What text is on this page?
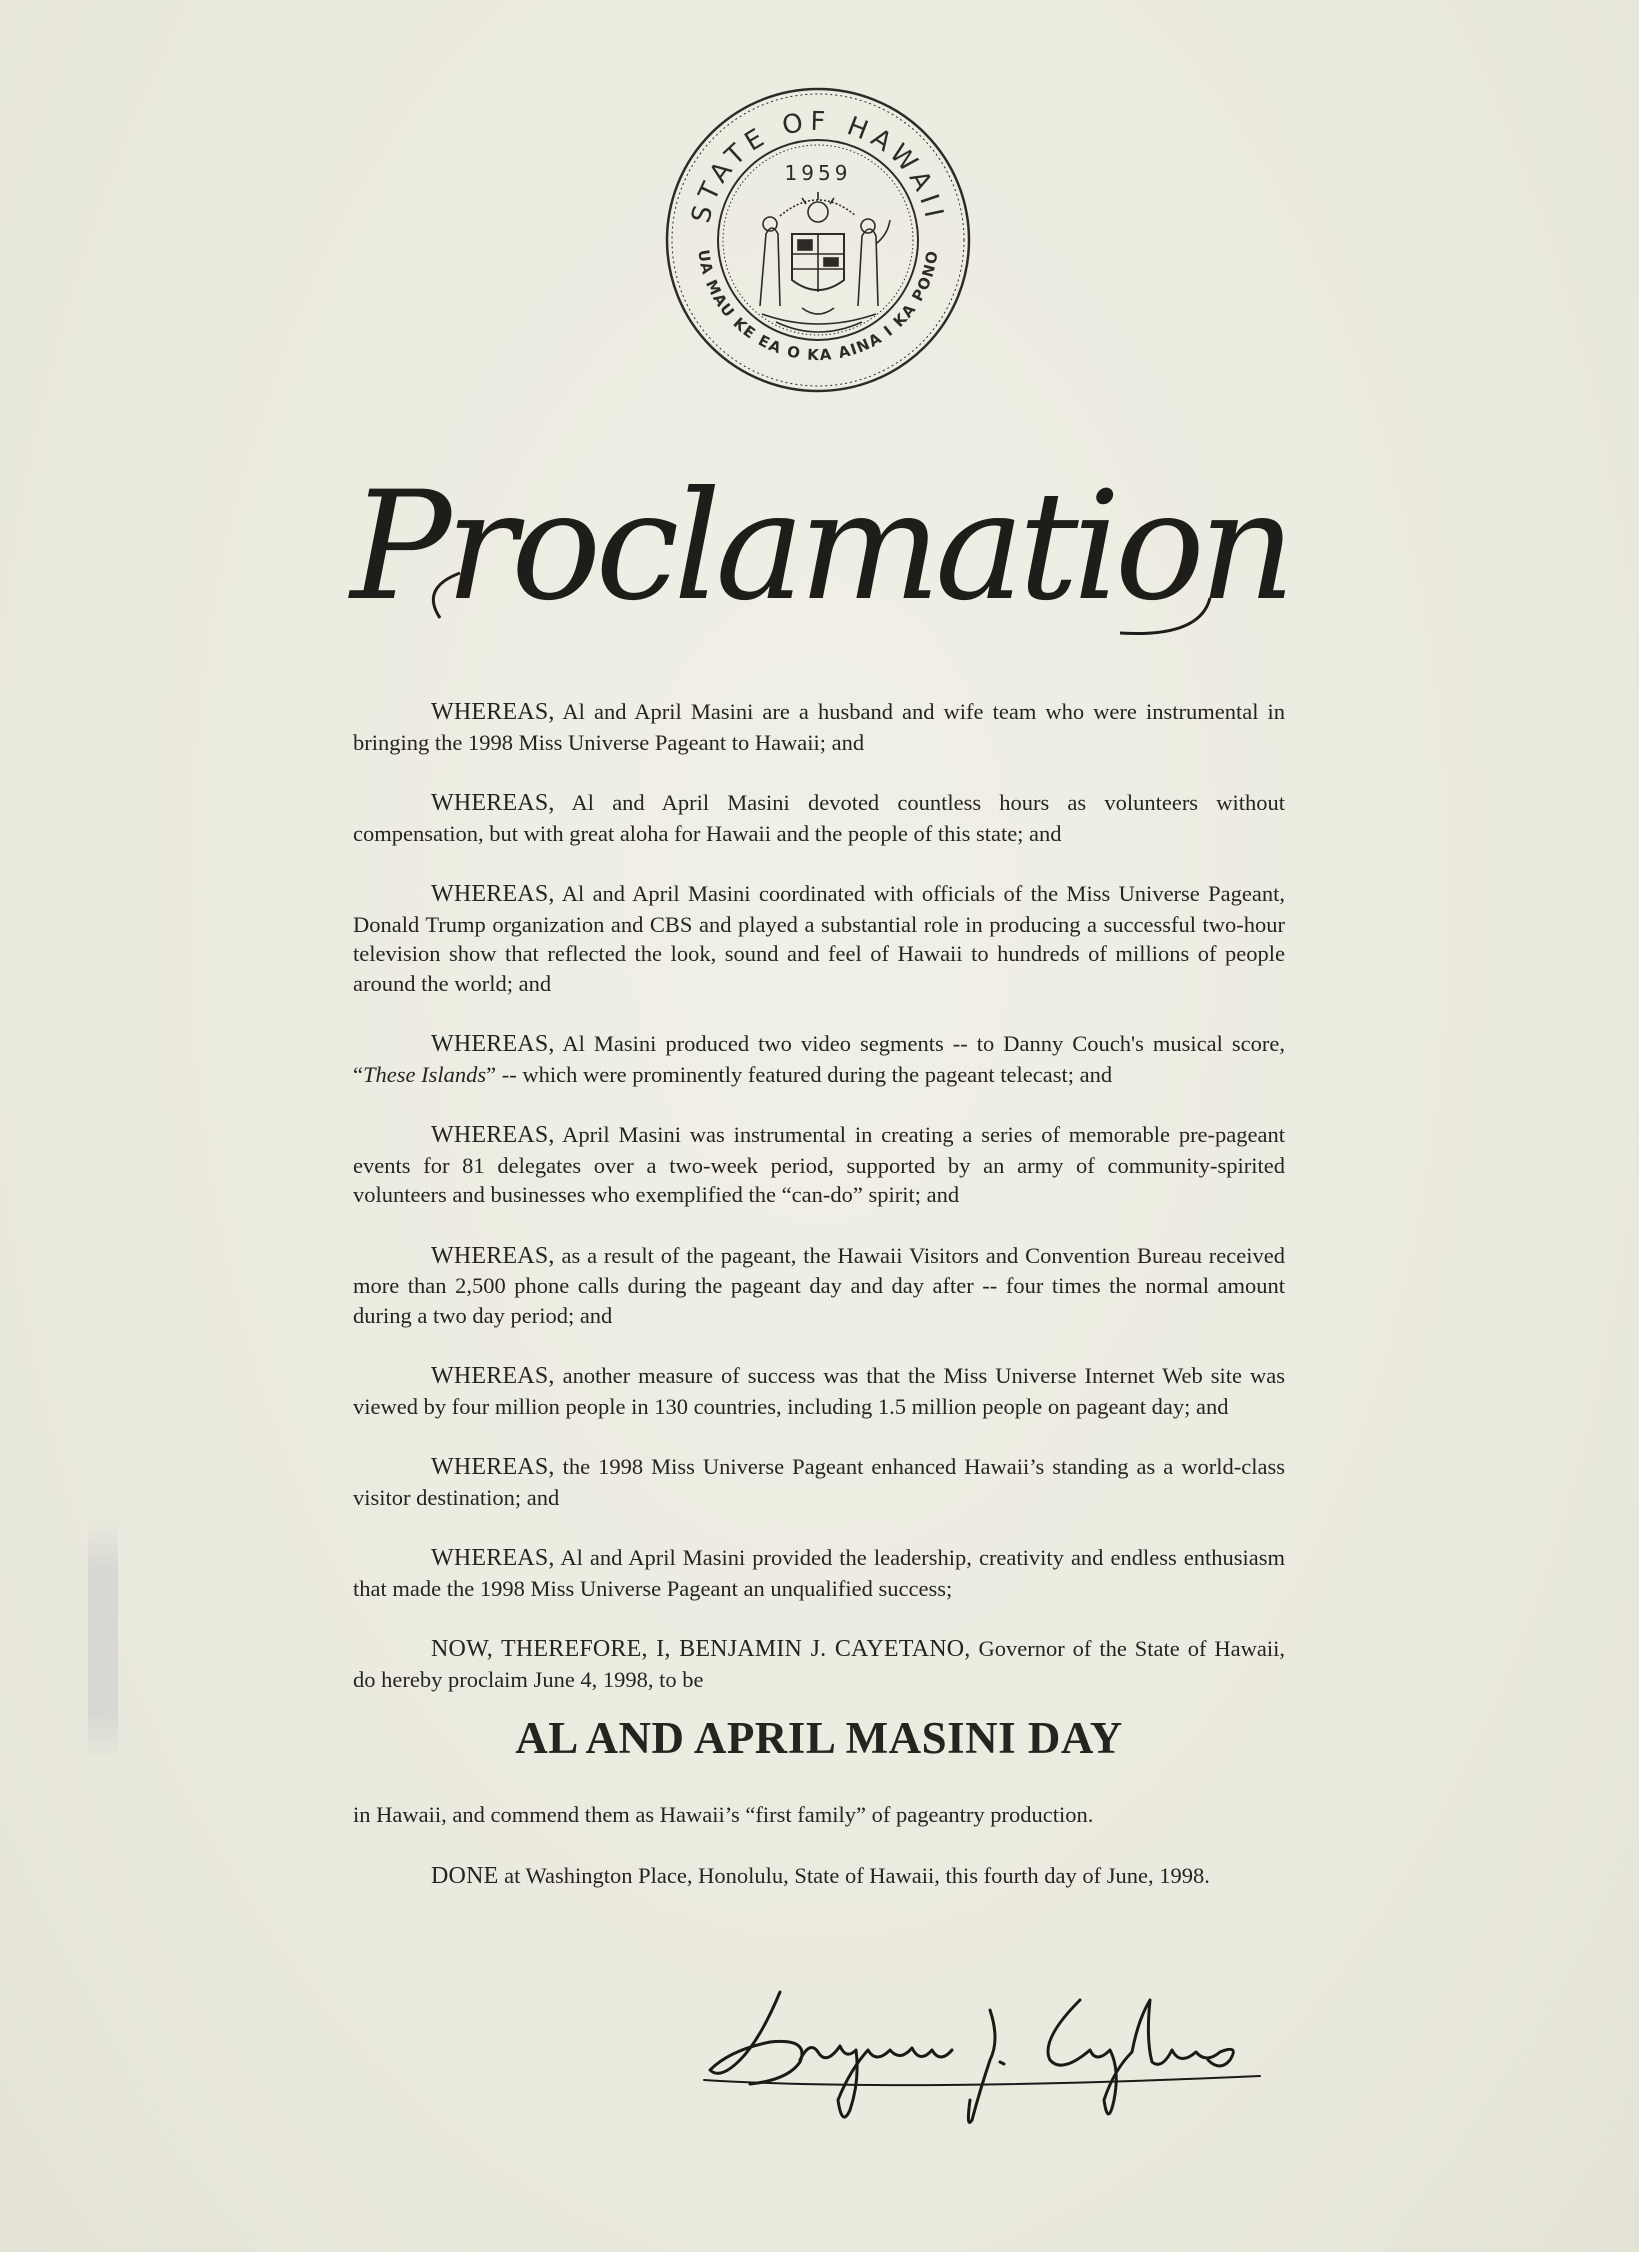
STATE OF HAWAII
UA MAU KE EA O KA AINA I KA PONO
1959
Proclamation

WHEREAS, Al and April Masini are a husband and wife team who were instrumental in bringing the 1998 Miss Universe Pageant to Hawaii; and

WHEREAS, Al and April Masini devoted countless hours as volunteers without compensation, but with great aloha for Hawaii and the people of this state; and

WHEREAS, Al and April Masini coordinated with officials of the Miss Universe Pageant, Donald Trump organization and CBS and played a substantial role in producing a successful two-hour television show that reflected the look, sound and feel of Hawaii to hundreds of millions of people around the world; and

WHEREAS, Al Masini produced two video segments -- to Danny Couch's musical score, “These Islands” -- which were prominently featured during the pageant telecast; and

WHEREAS, April Masini was instrumental in creating a series of memorable pre-pageant events for 81 delegates over a two-week period, supported by an army of community-spirited volunteers and businesses who exemplified the “can-do” spirit; and

WHEREAS, as a result of the pageant, the Hawaii Visitors and Convention Bureau received more than 2,500 phone calls during the pageant day and day after -- four times the normal amount during a two day period; and

WHEREAS, another measure of success was that the Miss Universe Internet Web site was viewed by four million people in 130 countries, including 1.5 million people on pageant day; and

WHEREAS, the 1998 Miss Universe Pageant enhanced Hawaii’s standing as a world-class visitor destination; and

WHEREAS, Al and April Masini provided the leadership, creativity and endless enthusiasm that made the 1998 Miss Universe Pageant an unqualified success;

NOW, THEREFORE, I, BENJAMIN J. CAYETANO, Governor of the State of Hawaii, do hereby proclaim June 4, 1998, to be

AL AND APRIL MASINI DAY

in Hawaii, and commend them as Hawaii’s “first family” of pageantry production.

DONE at Washington Place, Honolulu, State of Hawaii, this fourth day of June, 1998.
